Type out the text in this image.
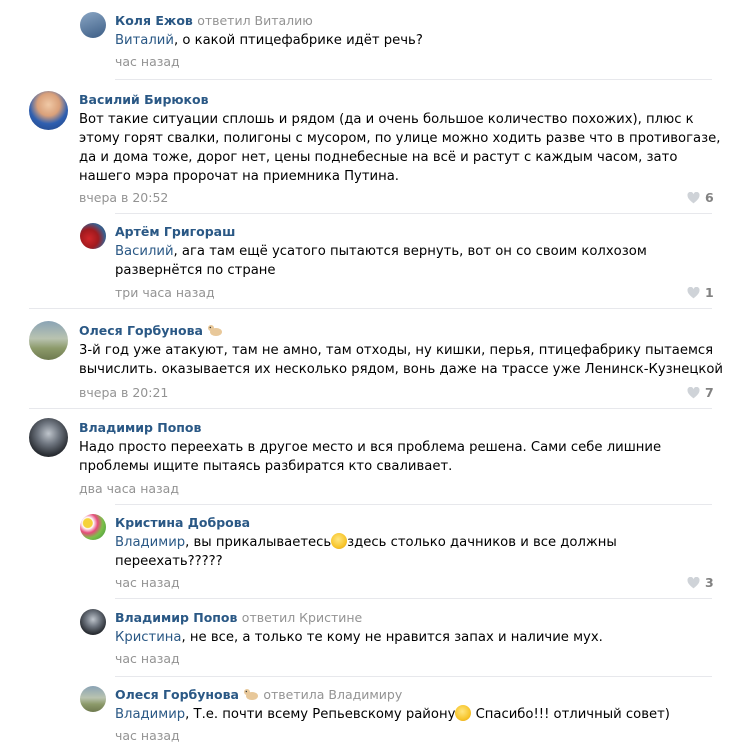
Коля Ежов ответил Виталию
Виталий, о какой птицефабрике идёт речь?
час назад
Василий Бирюков
Вот такие ситуации сплошь и рядом (да и очень большое количество похожих), плюс к
этому горят свалки, полигоны с мусором, по улице можно ходить разве что в противогазе,
да и дома тоже, дорог нет, цены поднебесные на всё и растут с каждым часом, зато
нашего мэра пророчат на приемника Путина.
вчера в 20:52	6
Артём Григораш
Василий, ага там ещё усатого пытаются вернуть, вот он со своим колхозом
развернётся по стране
три часа назад	1
Олеся Горбунова
3-й год уже атакуют, там не амно, там отходы, ну кишки, перья, птицефабрику пытаемся
вычислить. оказывается их несколько рядом, вонь даже на трассе уже Ленинск-Кузнецкой
вчера в 20:21	7
Владимир Попов
Надо просто переехать в другое место и вся проблема решена. Сами себе лишние
проблемы ищите пытаясь разбиратся кто сваливает.
два часа назад
Кристина Доброва
Владимир, вы прикалываетесь здесь столько дачников и все должны
переехать?????
час назад	3
Владимир Попов ответил Кристине
Кристина, не все, а только те кому не нравится запах и наличие мух.
час назад
Олеся Горбунова ответила Владимиру
Владимир, Т.е. почти всему Репьевскому району Спасибо!!! отличный совет)
час назад
